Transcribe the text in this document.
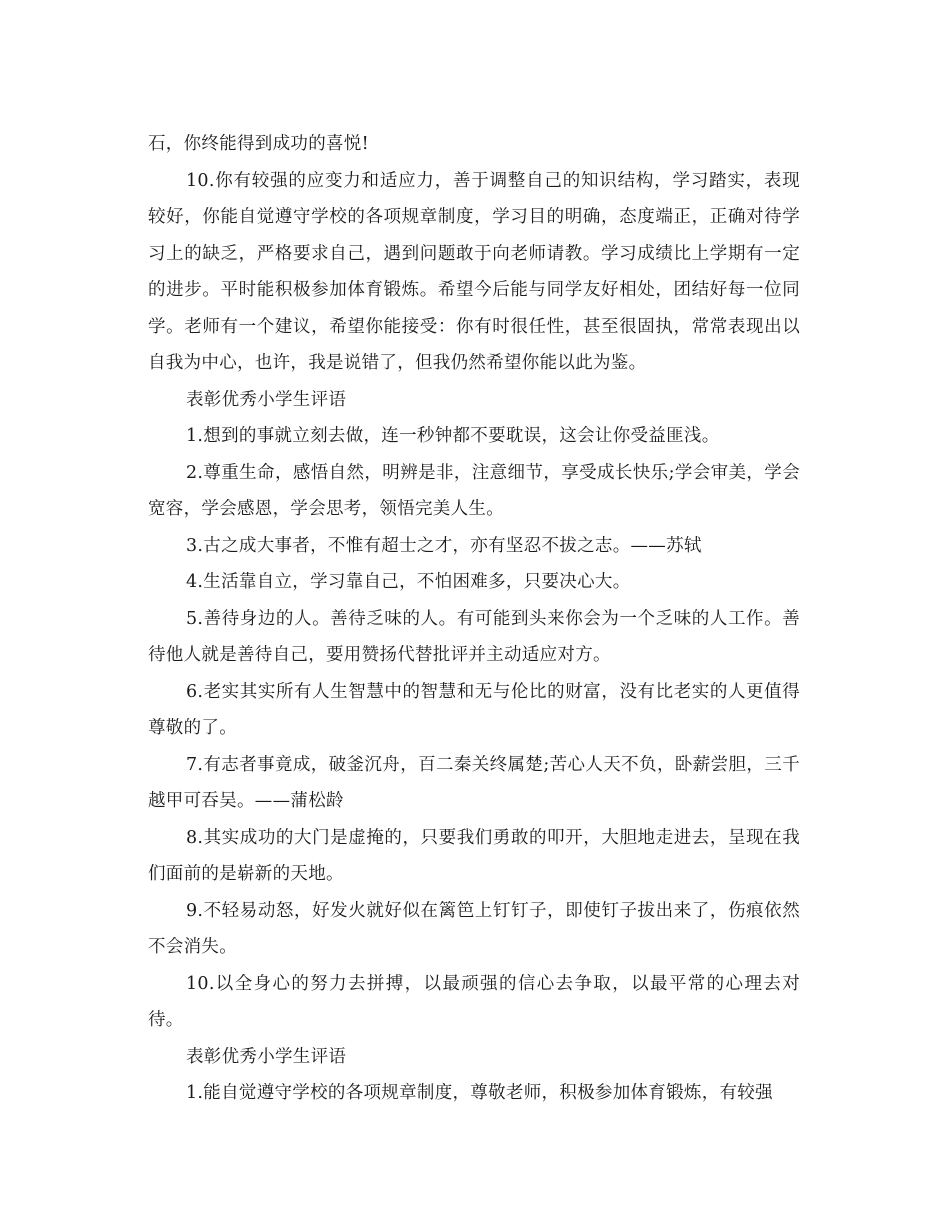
石，你终能得到成功的喜悦!

10.你有较强的应变力和适应力，善于调整自己的知识结构，学习踏实，表现较好，你能自觉遵守学校的各项规章制度，学习目的明确，态度端正，正确对待学习上的缺乏，严格要求自己，遇到问题敢于向老师请教。学习成绩比上学期有一定的进步。平时能积极参加体育锻炼。希望今后能与同学友好相处，团结好每一位同学。老师有一个建议，希望你能接受：你有时很任性，甚至很固执，常常表现出以自我为中心，也许，我是说错了，但我仍然希望你能以此为鉴。

表彰优秀小学生评语

1.想到的事就立刻去做，连一秒钟都不要耽误，这会让你受益匪浅。

2.尊重生命，感悟自然，明辨是非，注意细节，享受成长快乐;学会审美，学会宽容，学会感恩，学会思考，领悟完美人生。

3.古之成大事者，不惟有超士之才，亦有坚忍不拔之志。——苏轼

4.生活靠自立，学习靠自己，不怕困难多，只要决心大。

5.善待身边的人。善待乏味的人。有可能到头来你会为一个乏味的人工作。善待他人就是善待自己，要用赞扬代替批评并主动适应对方。

6.老实其实所有人生智慧中的智慧和无与伦比的财富，没有比老实的人更值得尊敬的了。

7.有志者事竟成，破釜沉舟，百二秦关终属楚;苦心人天不负，卧薪尝胆，三千越甲可吞吴。——蒲松龄

8.其实成功的大门是虚掩的，只要我们勇敢的叩开，大胆地走进去，呈现在我们面前的是崭新的天地。

9.不轻易动怒，好发火就好似在篱笆上钉钉子，即使钉子拔出来了，伤痕依然不会消失。

10.以全身心的努力去拼搏，以最顽强的信心去争取，以最平常的心理去对待。

表彰优秀小学生评语

1.能自觉遵守学校的各项规章制度，尊敬老师，积极参加体育锻炼，有较强
